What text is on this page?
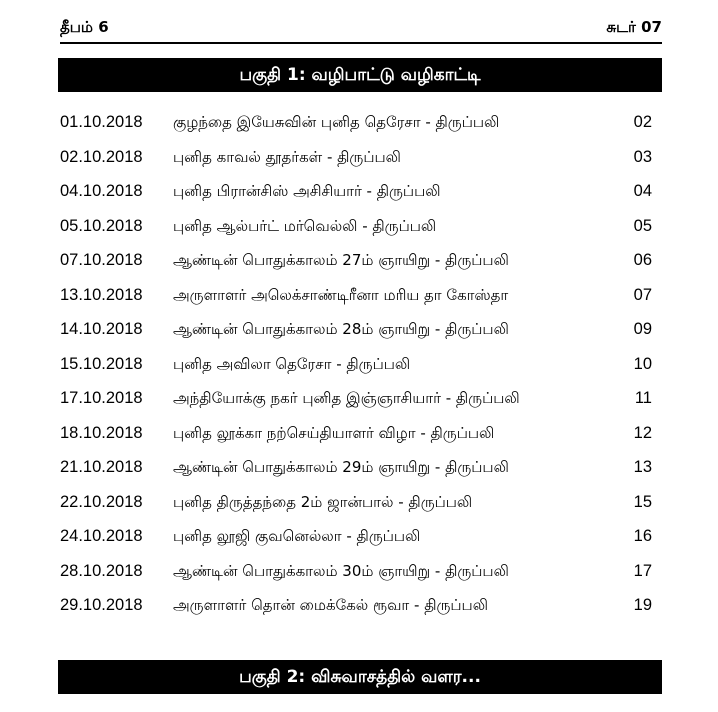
தீபம் 6	சுடர் 07
பகுதி 1: வழிபாட்டு வழிகாட்டி
01.10.2018 குழந்தை இயேசுவின் புனித தெரேசா - திருப்பலி	02
02.10.2018 புனித காவல் தூதர்கள் - திருப்பலி	03
04.10.2018 புனித பிரான்சிஸ் அசிசியார் - திருப்பலி	04
05.10.2018 புனித ஆல்பர்ட் மர்வெல்லி - திருப்பலி	05
07.10.2018 ஆண்டின் பொதுக்காலம் 27ம் ஞாயிறு - திருப்பலி	06
13.10.2018 அருளாளர் அலெக்சாண்டிரீனா மரிய தா கோஸ்தா	07
14.10.2018 ஆண்டின் பொதுக்காலம் 28ம் ஞாயிறு - திருப்பலி	09
15.10.2018 புனித அவிலா தெரேசா - திருப்பலி	10
17.10.2018 அந்தியோக்கு நகர் புனித இஞ்ஞாசியார் - திருப்பலி	11
18.10.2018 புனித லூக்கா நற்செய்தியாளர் விழா - திருப்பலி	12
21.10.2018 ஆண்டின் பொதுக்காலம் 29ம் ஞாயிறு - திருப்பலி	13
22.10.2018 புனித திருத்தந்தை 2ம் ஜான்பால் - திருப்பலி	15
24.10.2018 புனித லூஜி குவனெல்லா - திருப்பலி	16
28.10.2018 ஆண்டின் பொதுக்காலம் 30ம் ஞாயிறு - திருப்பலி	17
29.10.2018 அருளாளர் தொன் மைக்கேல் ரூவா - திருப்பலி	19
பகுதி 2: விசுவாசத்தில் வளர...
